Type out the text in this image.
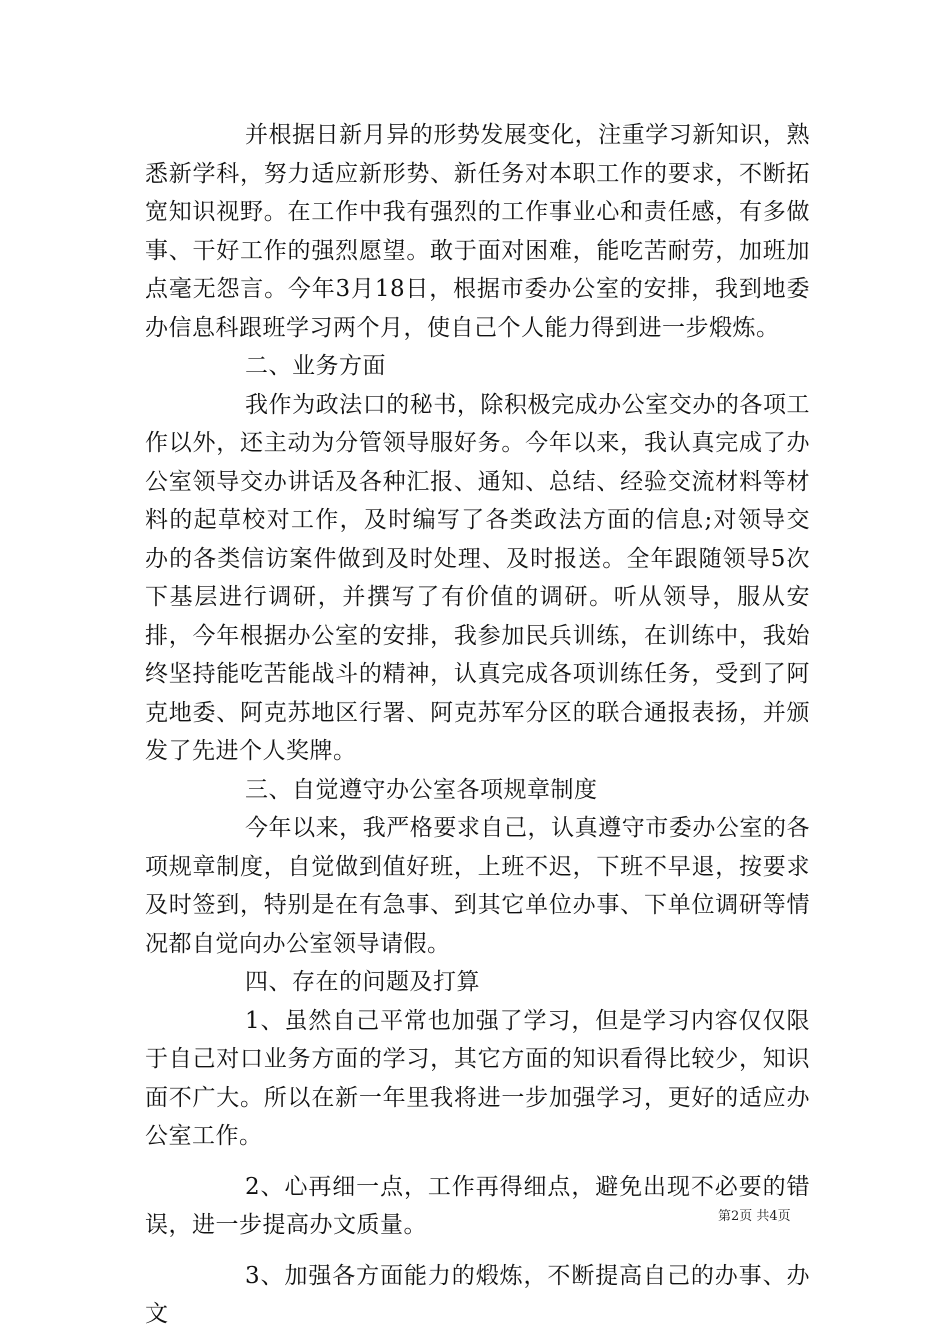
并根据日新月异的形势发展变化，注重学习新知识，熟悉新学科，努力适应新形势、新任务对本职工作的要求，不断拓宽知识视野。在工作中我有强烈的工作事业心和责任感，有多做事、干好工作的强烈愿望。敢于面对困难，能吃苦耐劳，加班加点毫无怨言。今年3月18日，根据市委办公室的安排，我到地委办信息科跟班学习两个月，使自己个人能力得到进一步煅炼。

二、业务方面

我作为政法口的秘书，除积极完成办公室交办的各项工作以外，还主动为分管领导服好务。今年以来，我认真完成了办公室领导交办讲话及各种汇报、通知、总结、经验交流材料等材料的起草校对工作，及时编写了各类政法方面的信息;对领导交办的各类信访案件做到及时处理、及时报送。全年跟随领导5次下基层进行调研，并撰写了有价值的调研。听从领导，服从安排，今年根据办公室的安排，我参加民兵训练，在训练中，我始终坚持能吃苦能战斗的精神，认真完成各项训练任务，受到了阿克地委、阿克苏地区行署、阿克苏军分区的联合通报表扬，并颁发了先进个人奖牌。

三、自觉遵守办公室各项规章制度

今年以来，我严格要求自己，认真遵守市委办公室的各项规章制度，自觉做到值好班，上班不迟，下班不早退，按要求及时签到，特别是在有急事、到其它单位办事、下单位调研等情况都自觉向办公室领导请假。

四、存在的问题及打算

1、虽然自己平常也加强了学习，但是学习内容仅仅限于自己对口业务方面的学习，其它方面的知识看得比较少，知识面不广大。所以在新一年里我将进一步加强学习，更好的适应办公室工作。

2、心再细一点，工作再得细点，避免出现不必要的错误，进一步提高办文质量。

3、加强各方面能力的煅炼，不断提高自己的办事、办文

第2页 共4页
